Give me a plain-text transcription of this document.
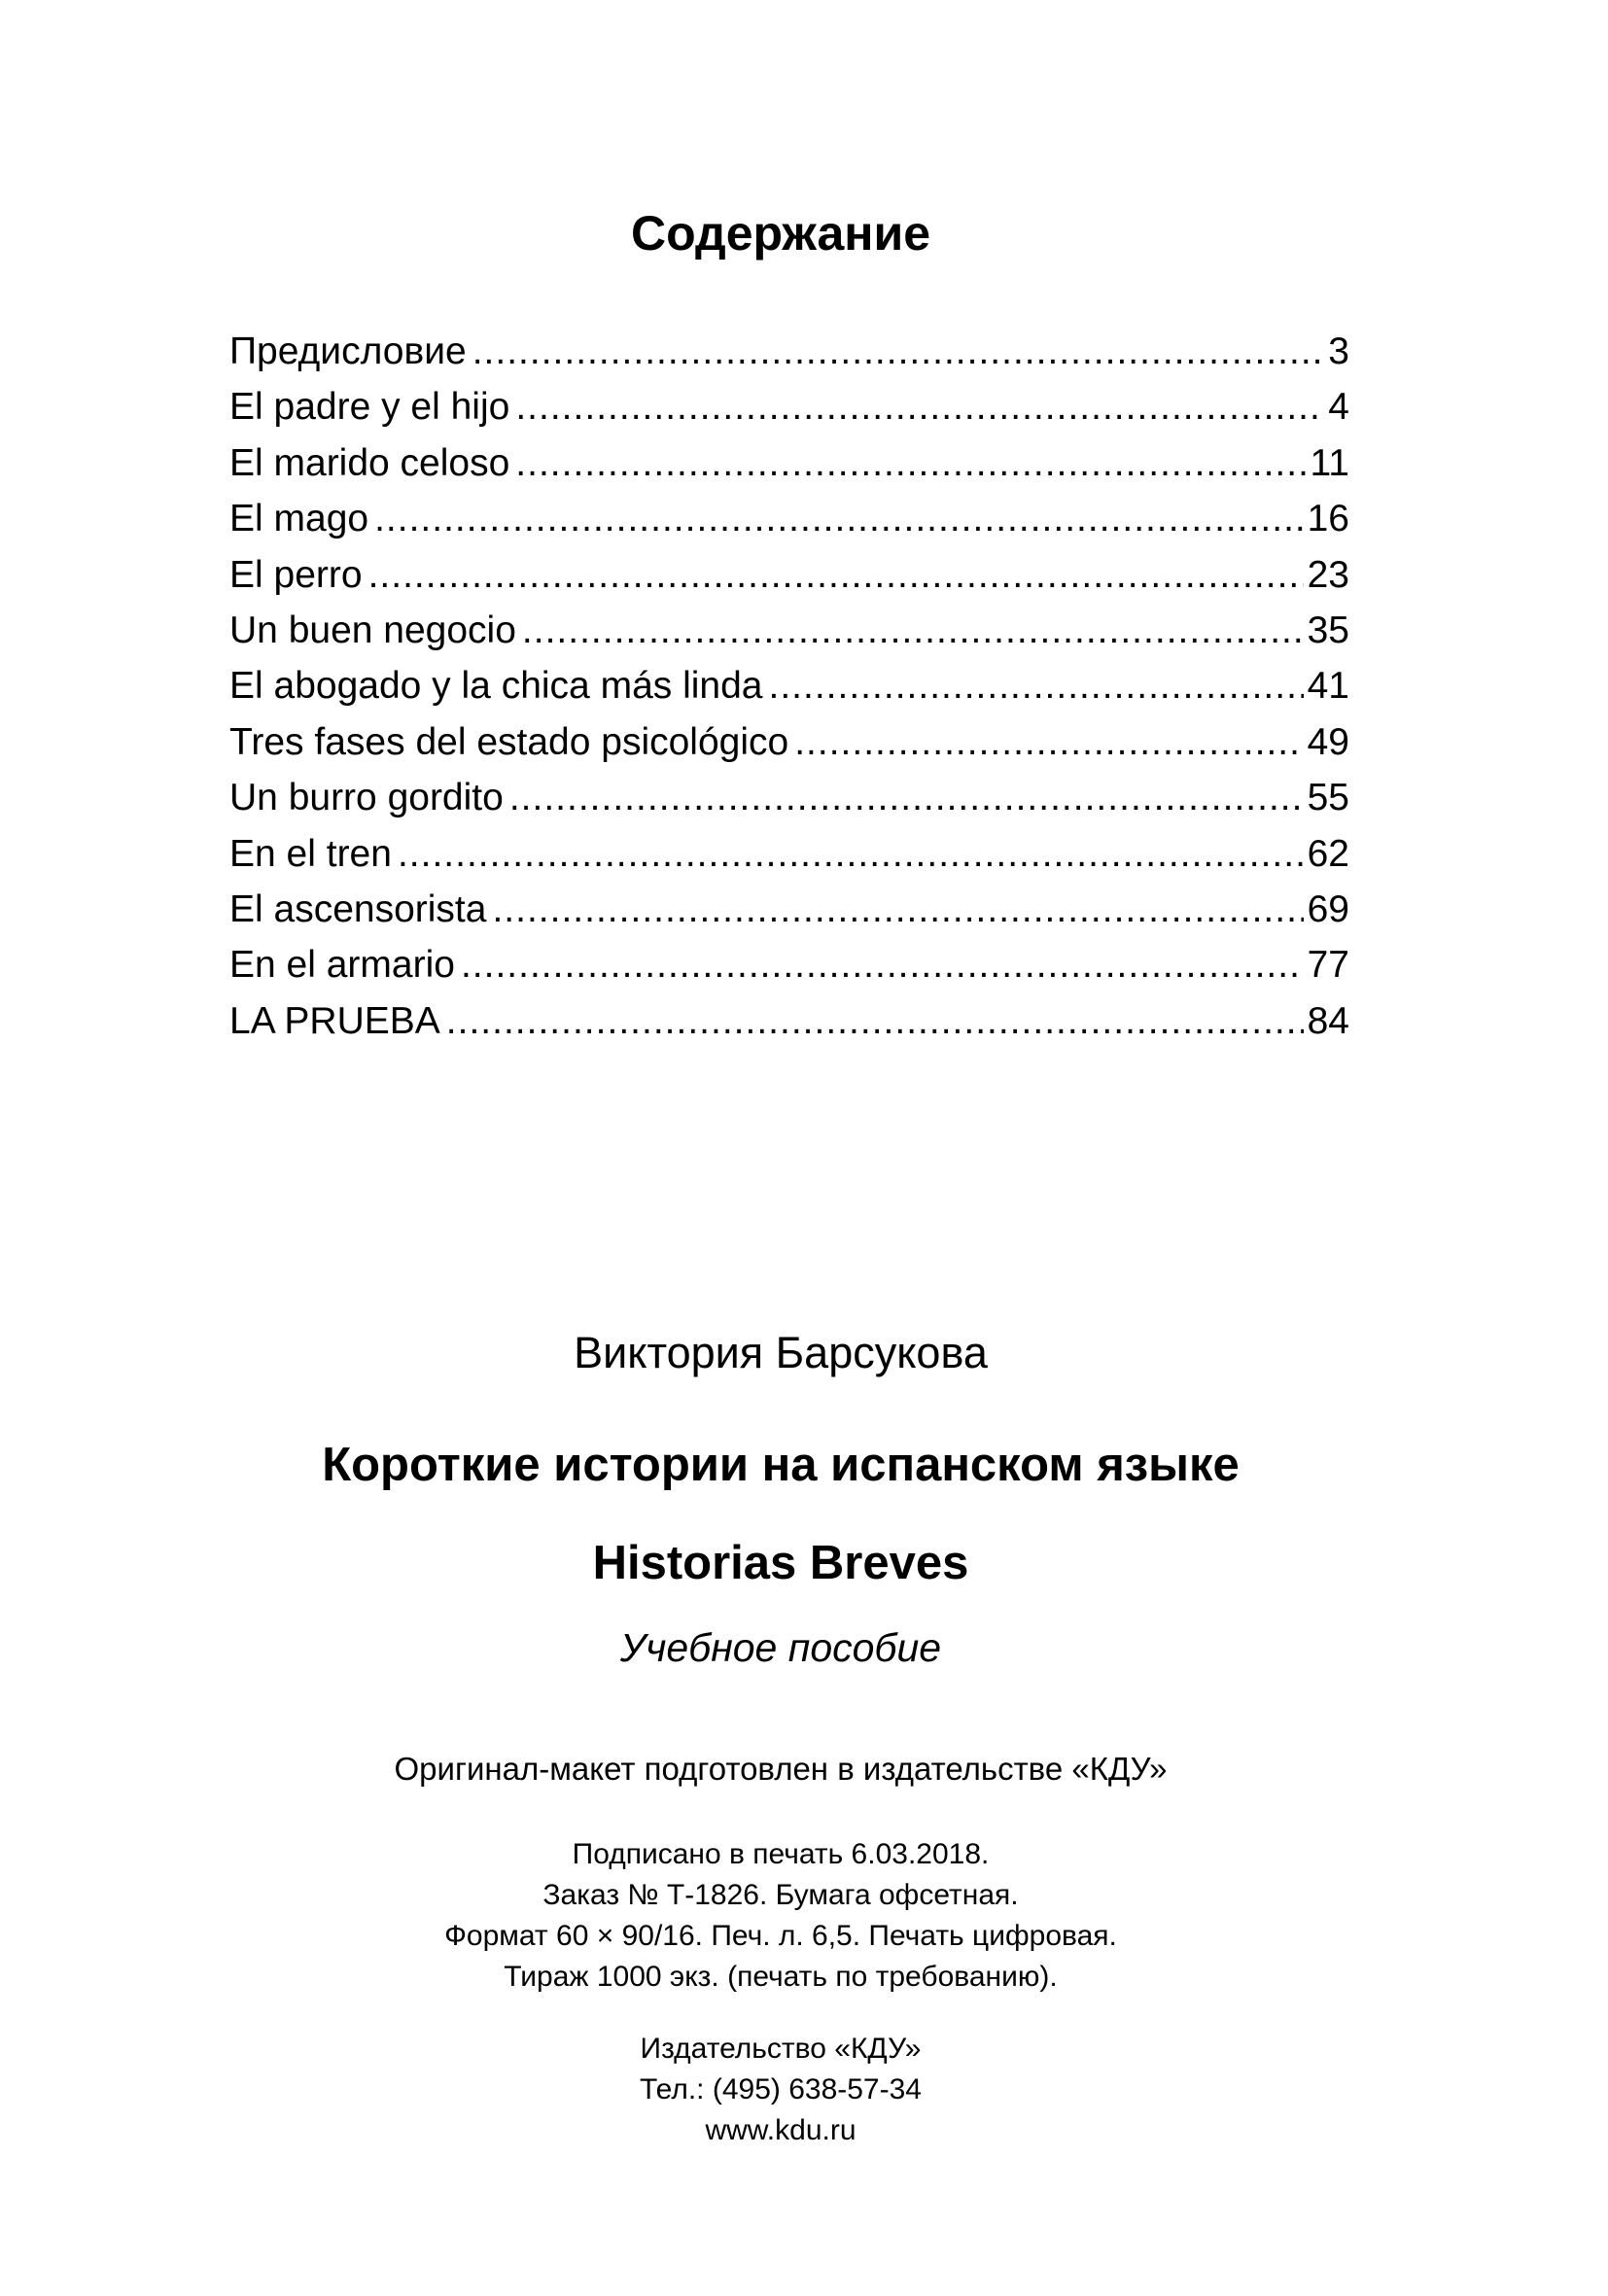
Содержание
Предисловие .....	3
El padre y el hijo .....	4
El marido celoso .....	11
El mago .....	16
El perro .....	23
Un buen negocio .....	35
El abogado y la chica más linda .....	41
Tres fases del estado psicológico .....	49
Un burro gordito .....	55
En el tren .....	62
El ascensorista .....	69
En el armario .....	77
LA PRUEBA .....	84

Виктория Барсукова

Короткие истории на испанском языке

Historias Breves

Учебное пособие

Оригинал-макет подготовлен в издательстве «КДУ»

Подписано в печать 6.03.2018.
Заказ № Т-1826. Бумага офсетная.
Формат 60 × 90/16. Печ. л. 6,5. Печать цифровая.
Тираж 1000 экз. (печать по требованию).
Издательство «КДУ»
Тел.: (495) 638-57-34
www.kdu.ru
